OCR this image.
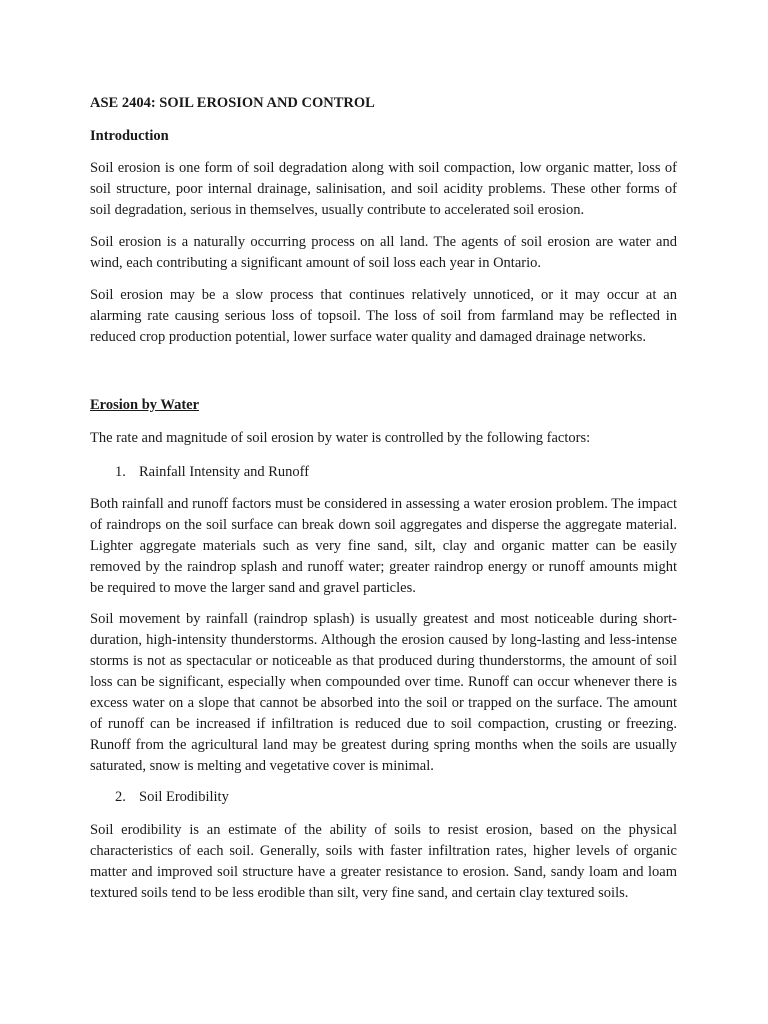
ASE 2404: SOIL EROSION AND CONTROL
Introduction

Soil erosion is one form of soil degradation along with soil compaction, low organic matter, loss of soil structure, poor internal drainage, salinisation, and soil acidity problems. These other forms of soil degradation, serious in themselves, usually contribute to accelerated soil erosion.

Soil erosion is a naturally occurring process on all land. The agents of soil erosion are water and wind, each contributing a significant amount of soil loss each year in Ontario.

Soil erosion may be a slow process that continues relatively unnoticed, or it may occur at an alarming rate causing serious loss of topsoil. The loss of soil from farmland may be reflected in reduced crop production potential, lower surface water quality and damaged drainage networks.

Erosion by Water

The rate and magnitude of soil erosion by water is controlled by the following factors:

1. Rainfall Intensity and Runoff

Both rainfall and runoff factors must be considered in assessing a water erosion problem. The impact of raindrops on the soil surface can break down soil aggregates and disperse the aggregate material. Lighter aggregate materials such as very fine sand, silt, clay and organic matter can be easily removed by the raindrop splash and runoff water; greater raindrop energy or runoff amounts might be required to move the larger sand and gravel particles.

Soil movement by rainfall (raindrop splash) is usually greatest and most noticeable during short-duration, high-intensity thunderstorms. Although the erosion caused by long-lasting and less-intense storms is not as spectacular or noticeable as that produced during thunderstorms, the amount of soil loss can be significant, especially when compounded over time. Runoff can occur whenever there is excess water on a slope that cannot be absorbed into the soil or trapped on the surface. The amount of runoff can be increased if infiltration is reduced due to soil compaction, crusting or freezing. Runoff from the agricultural land may be greatest during spring months when the soils are usually saturated, snow is melting and vegetative cover is minimal.

2. Soil Erodibility

Soil erodibility is an estimate of the ability of soils to resist erosion, based on the physical characteristics of each soil. Generally, soils with faster infiltration rates, higher levels of organic matter and improved soil structure have a greater resistance to erosion. Sand, sandy loam and loam textured soils tend to be less erodible than silt, very fine sand, and certain clay textured soils.
